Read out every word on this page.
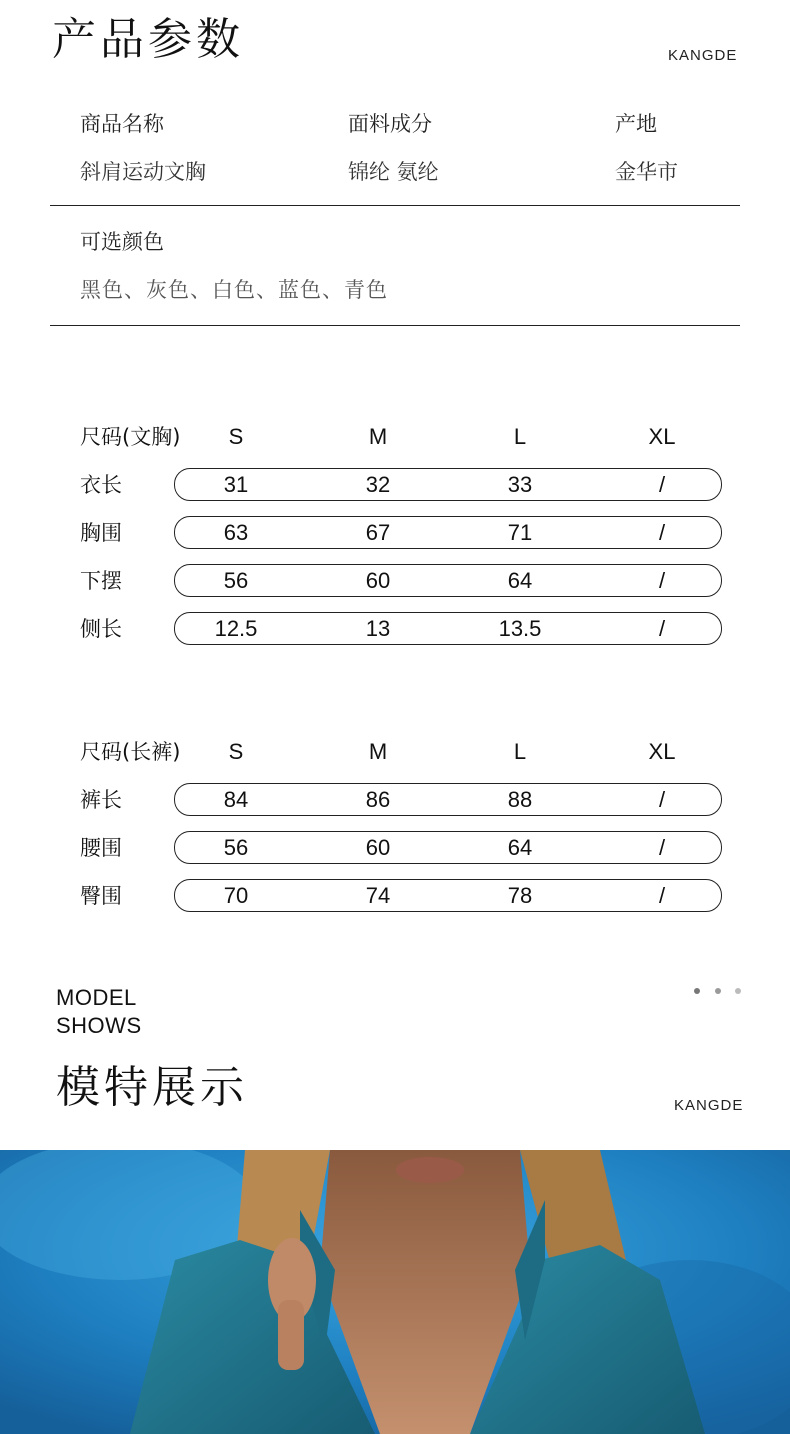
产品参数	KANGDE
商品名称	面料成分	产地
斜肩运动文胸	锦纶 氨纶	金华市
可选颜色
黑色、灰色、白色、蓝色、青色
尺码(文胸)	S	M	L	XL
衣长	31	32	33	/
胸围	63	67	71	/
下摆	56	60	64	/
侧长	12.5	13	13.5	/
尺码(长裤)	S	M	L	XL
裤长	84	86	88	/
腰围	56	60	64	/
臀围	70	74	78	/
MODEL
SHOWS
模特展示	KANGDE
